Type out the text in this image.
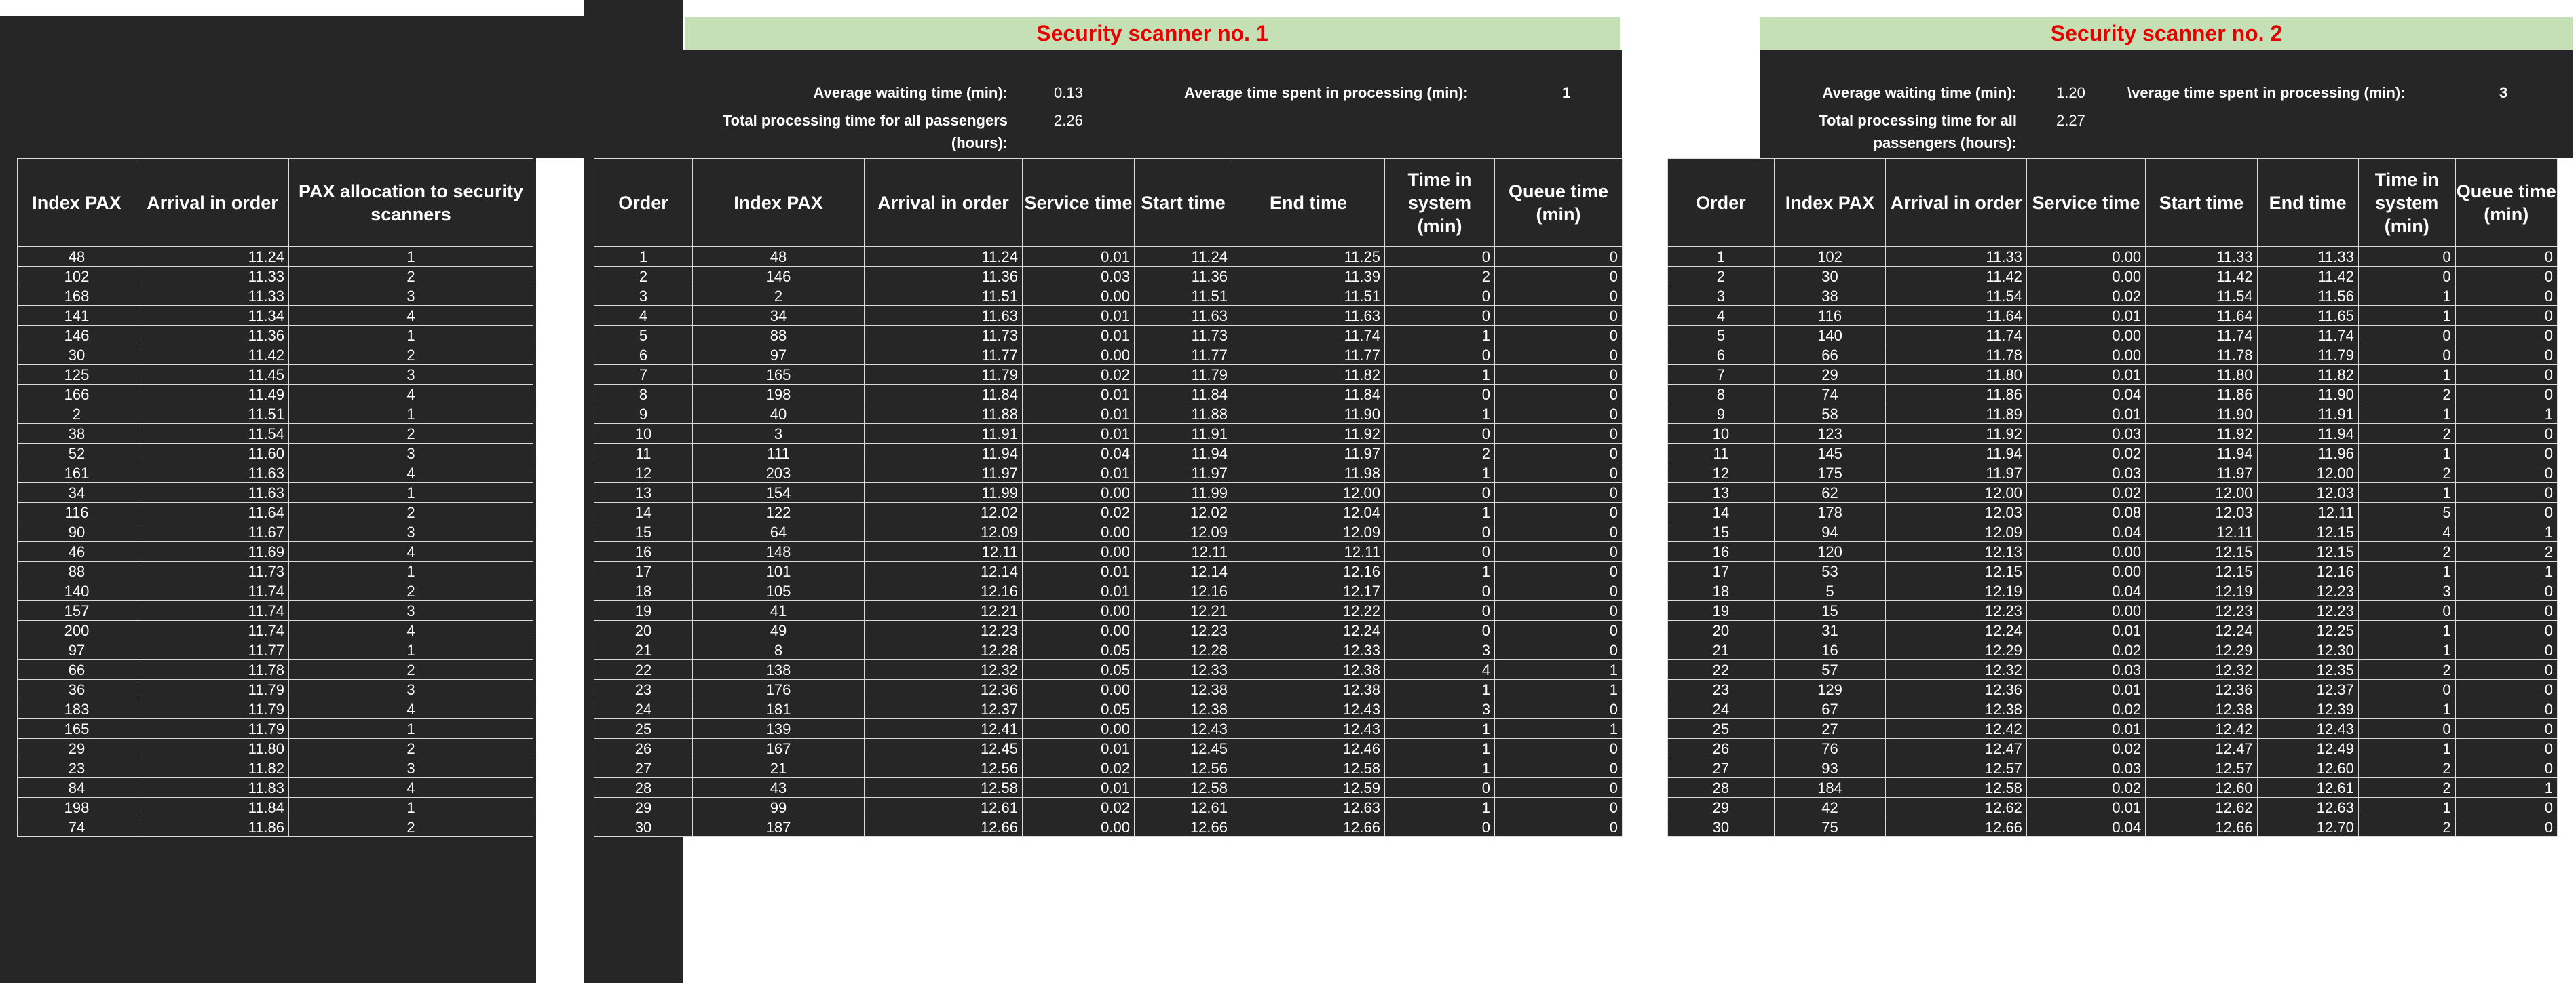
Security scanner no. 1	Security scanner no. 2
Average waiting time (min):	0.13	Average time spent in processing (min):	1
Total processing time for all passengers
(hours):
2.26
Average waiting time (min):	1.20	\verage time spent in processing (min):	3
Total processing time for all
passengers (hours):
2.27
Index PAX	Arrival in order	PAX allocation to security scanners
48	11.24	1
102	11.33	2
168	11.33	3
141	11.34	4
146	11.36	1
30	11.42	2
125	11.45	3
166	11.49	4
2	11.51	1
38	11.54	2
52	11.60	3
161	11.63	4
34	11.63	1
116	11.64	2
90	11.67	3
46	11.69	4
88	11.73	1
140	11.74	2
157	11.74	3
200	11.74	4
97	11.77	1
66	11.78	2
36	11.79	3
183	11.79	4
165	11.79	1
29	11.80	2
23	11.82	3
84	11.83	4
198	11.84	1
74	11.86	2
Order	Index PAX	Arrival in order	Service time	Start time	End time	Time in system (min)	Queue time (min)
1	48	11.24	0.01	11.24	11.25	0	0
2	146	11.36	0.03	11.36	11.39	2	0
3	2	11.51	0.00	11.51	11.51	0	0
4	34	11.63	0.01	11.63	11.63	0	0
5	88	11.73	0.01	11.73	11.74	1	0
6	97	11.77	0.00	11.77	11.77	0	0
7	165	11.79	0.02	11.79	11.82	1	0
8	198	11.84	0.01	11.84	11.84	0	0
9	40	11.88	0.01	11.88	11.90	1	0
10	3	11.91	0.01	11.91	11.92	0	0
11	111	11.94	0.04	11.94	11.97	2	0
12	203	11.97	0.01	11.97	11.98	1	0
13	154	11.99	0.00	11.99	12.00	0	0
14	122	12.02	0.02	12.02	12.04	1	0
15	64	12.09	0.00	12.09	12.09	0	0
16	148	12.11	0.00	12.11	12.11	0	0
17	101	12.14	0.01	12.14	12.16	1	0
18	105	12.16	0.01	12.16	12.17	0	0
19	41	12.21	0.00	12.21	12.22	0	0
20	49	12.23	0.00	12.23	12.24	0	0
21	8	12.28	0.05	12.28	12.33	3	0
22	138	12.32	0.05	12.33	12.38	4	1
23	176	12.36	0.00	12.38	12.38	1	1
24	181	12.37	0.05	12.38	12.43	3	0
25	139	12.41	0.00	12.43	12.43	1	1
26	167	12.45	0.01	12.45	12.46	1	0
27	21	12.56	0.02	12.56	12.58	1	0
28	43	12.58	0.01	12.58	12.59	0	0
29	99	12.61	0.02	12.61	12.63	1	0
30	187	12.66	0.00	12.66	12.66	0	0
Order	Index PAX	Arrival in order	Service time	Start time	End time	Time in system (min)	Queue time (min)
1	102	11.33	0.00	11.33	11.33	0	0
2	30	11.42	0.00	11.42	11.42	0	0
3	38	11.54	0.02	11.54	11.56	1	0
4	116	11.64	0.01	11.64	11.65	1	0
5	140	11.74	0.00	11.74	11.74	0	0
6	66	11.78	0.00	11.78	11.79	0	0
7	29	11.80	0.01	11.80	11.82	1	0
8	74	11.86	0.04	11.86	11.90	2	0
9	58	11.89	0.01	11.90	11.91	1	1
10	123	11.92	0.03	11.92	11.94	2	0
11	145	11.94	0.02	11.94	11.96	1	0
12	175	11.97	0.03	11.97	12.00	2	0
13	62	12.00	0.02	12.00	12.03	1	0
14	178	12.03	0.08	12.03	12.11	5	0
15	94	12.09	0.04	12.11	12.15	4	1
16	120	12.13	0.00	12.15	12.15	2	2
17	53	12.15	0.00	12.15	12.16	1	1
18	5	12.19	0.04	12.19	12.23	3	0
19	15	12.23	0.00	12.23	12.23	0	0
20	31	12.24	0.01	12.24	12.25	1	0
21	16	12.29	0.02	12.29	12.30	1	0
22	57	12.32	0.03	12.32	12.35	2	0
23	129	12.36	0.01	12.36	12.37	0	0
24	67	12.38	0.02	12.38	12.39	1	0
25	27	12.42	0.01	12.42	12.43	0	0
26	76	12.47	0.02	12.47	12.49	1	0
27	93	12.57	0.03	12.57	12.60	2	0
28	184	12.58	0.02	12.60	12.61	2	1
29	42	12.62	0.01	12.62	12.63	1	0
30	75	12.66	0.04	12.66	12.70	2	0
